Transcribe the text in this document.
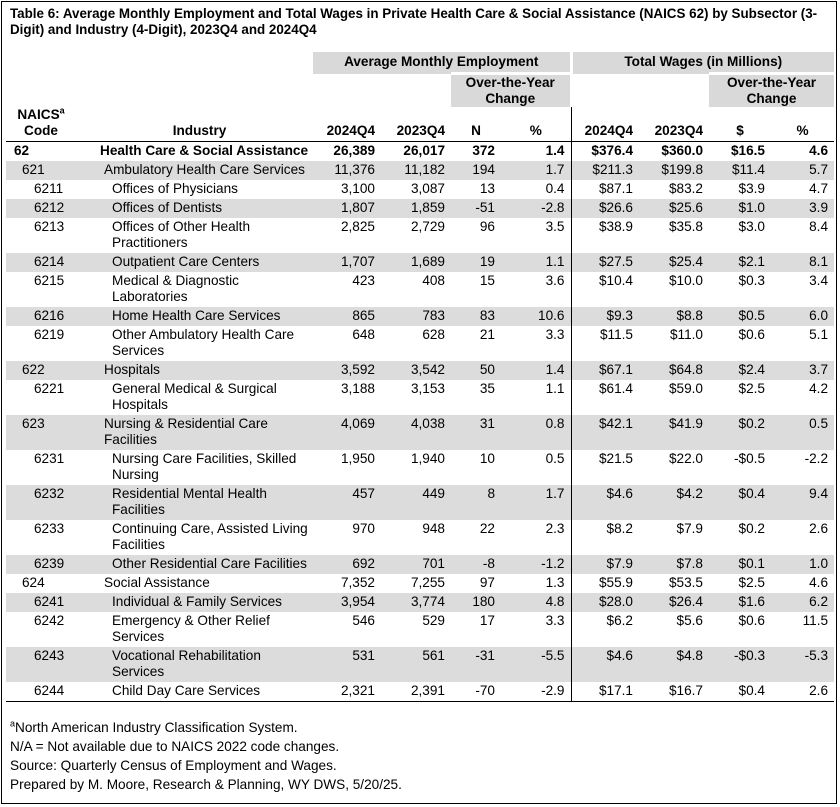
Table 6: Average Monthly Employment and Total Wages in Private Health Care & Social Assistance (NAICS 62) by Subsector (3-Digit) and Industry (4-Digit), 2023Q4 and 2024Q4
		Average Monthly Employment				Total Wages (in Millions)			
				Over-the-Year Change				Over-the-Year Change	
NAICS$^a$
Code	Industry	2024Q4	2023Q4	N	%	2024Q4	2023Q4	$	%
62	Health Care & Social Assistance	26,389	26,017	372	1.4	$376.4	$360.0	$16.5	4.6
621	Ambulatory Health Care Services	11,376	11,182	194	1.7	$211.3	$199.8	$11.4	5.7
6211	Offices of Physicians	3,100	3,087	13	0.4	$87.1	$83.2	$3.9	4.7
6212	Offices of Dentists	1,807	1,859	-51	-2.8	$26.6	$25.6	$1.0	3.9
6213	Offices of Other Health
Practitioners	2,825	2,729	96	3.5	$38.9	$35.8	$3.0	8.4
6214	Outpatient Care Centers	1,707	1,689	19	1.1	$27.5	$25.4	$2.1	8.1
6215	Medical & Diagnostic
Laboratories	423	408	15	3.6	$10.4	$10.0	$0.3	3.4
6216	Home Health Care Services	865	783	83	10.6	$9.3	$8.8	$0.5	6.0
6219	Other Ambulatory Health Care
Services	648	628	21	3.3	$11.5	$11.0	$0.6	5.1
622	Hospitals	3,592	3,542	50	1.4	$67.1	$64.8	$2.4	3.7
6221	General Medical & Surgical
Hospitals	3,188	3,153	35	1.1	$61.4	$59.0	$2.5	4.2
623	Nursing & Residential Care
Facilities	4,069	4,038	31	0.8	$42.1	$41.9	$0.2	0.5
6231	Nursing Care Facilities, Skilled
Nursing	1,950	1,940	10	0.5	$21.5	$22.0	-$0.5	-2.2
6232	Residential Mental Health
Facilities	457	449	8	1.7	$4.6	$4.2	$0.4	9.4
6233	Continuing Care, Assisted Living
Facilities	970	948	22	2.3	$8.2	$7.9	$0.2	2.6
6239	Other Residential Care Facilities	692	701	-8	-1.2	$7.9	$7.8	$0.1	1.0
624	Social Assistance	7,352	7,255	97	1.3	$55.9	$53.5	$2.5	4.6
6241	Individual & Family Services	3,954	3,774	180	4.8	$28.0	$26.4	$1.6	6.2
6242	Emergency & Other Relief
Services	546	529	17	3.3	$6.2	$5.6	$0.6	11.5
6243	Vocational Rehabilitation
Services	531	561	-31	-5.5	$4.6	$4.8	-$0.3	-5.3
6244	Child Day Care Services	2,321	2,391	-70	-2.9	$17.1	$16.7	$0.4	2.6
$^a$North American Industry Classification System.
N/A = Not available due to NAICS 2022 code changes.
Source: Quarterly Census of Employment and Wages.
Prepared by M. Moore, Research & Planning, WY DWS, 5/20/25.
